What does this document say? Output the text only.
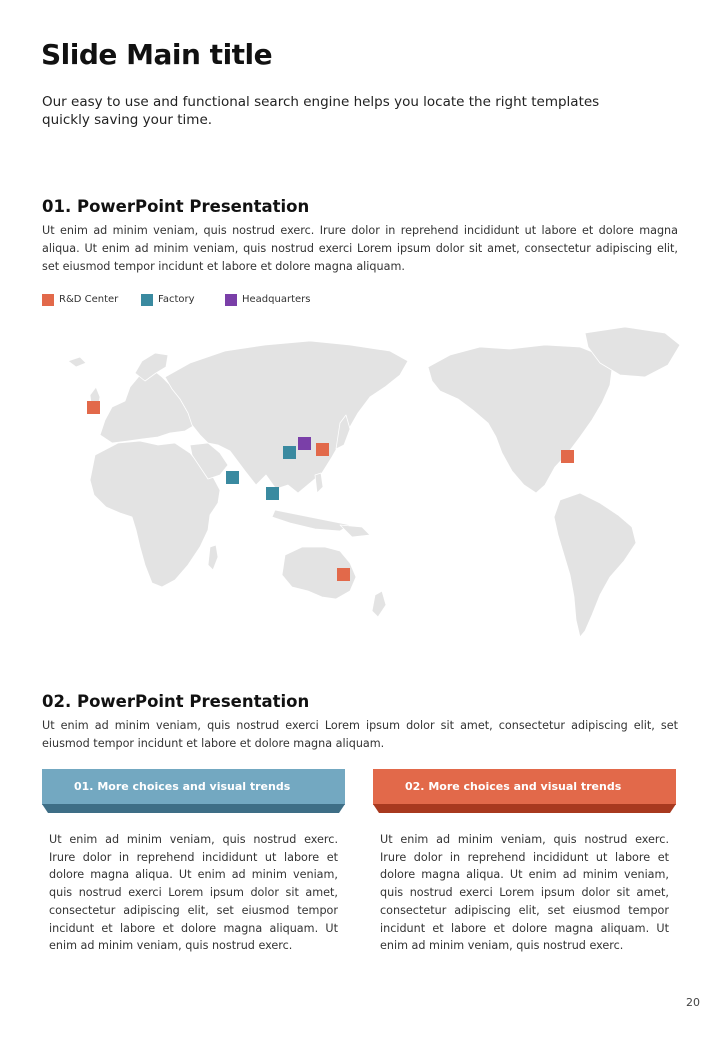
Slide Main title
Our easy to use and functional search engine helps you locate the right templates quickly saving your time.
01. PowerPoint Presentation
Ut enim ad minim veniam, quis nostrud exerc. Irure dolor in reprehend incididunt ut labore et dolore magna aliqua. Ut enim ad minim veniam, quis nostrud exerci Lorem ipsum dolor sit amet, consectetur adipiscing elit, set eiusmod tempor incidunt et labore et dolore magna aliquam.
R&D Center	Factory	Headquarters
02. PowerPoint Presentation
Ut enim ad minim veniam, quis nostrud exerci Lorem ipsum dolor sit amet, consectetur adipiscing elit, set eiusmod tempor incidunt et labore et dolore magna aliquam.
01. More choices and visual trends	02. More choices and visual trends
Ut enim ad minim veniam, quis nostrud exerc. Irure dolor in reprehend incididunt ut labore et dolore magna aliqua. Ut enim ad minim veniam, quis nostrud exerci Lorem ipsum dolor sit amet, consectetur adipiscing elit, set eiusmod tempor incidunt et labore et dolore magna aliquam. Ut enim ad minim veniam, quis nostrud exerc.
Ut enim ad minim veniam, quis nostrud exerc. Irure dolor in reprehend incididunt ut labore et dolore magna aliqua. Ut enim ad minim veniam, quis nostrud exerci Lorem ipsum dolor sit amet, consectetur adipiscing elit, set eiusmod tempor incidunt et labore et dolore magna aliquam. Ut enim ad minim veniam, quis nostrud exerc.
20
